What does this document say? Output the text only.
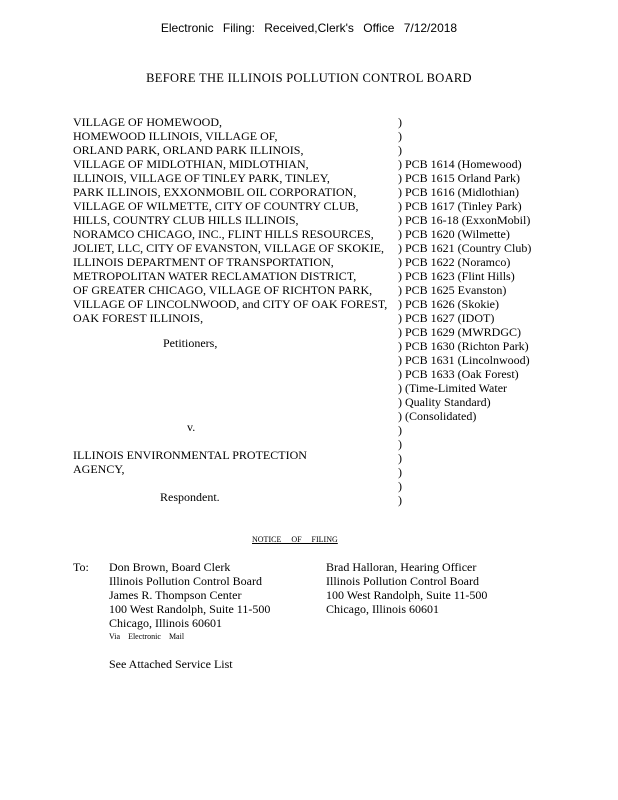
Electronic Filing: Received,Clerk's Office 7/12/2018
BEFORE THE ILLINOIS POLLUTION CONTROL BOARD
VILLAGE OF HOMEWOOD,
HOMEWOOD ILLINOIS, VILLAGE OF,
ORLAND PARK, ORLAND PARK ILLINOIS,
VILLAGE OF MIDLOTHIAN, MIDLOTHIAN,
ILLINOIS, VILLAGE OF TINLEY PARK, TINLEY,
PARK ILLINOIS, EXXONMOBIL OIL CORPORATION,
VILLAGE OF WILMETTE, CITY OF COUNTRY CLUB,
HILLS, COUNTRY CLUB HILLS ILLINOIS,
NORAMCO CHICAGO, INC., FLINT HILLS RESOURCES,
JOLIET, LLC, CITY OF EVANSTON, VILLAGE OF SKOKIE,
ILLINOIS DEPARTMENT OF TRANSPORTATION,
METROPOLITAN WATER RECLAMATION DISTRICT,
OF GREATER CHICAGO, VILLAGE OF RICHTON PARK,
VILLAGE OF LINCOLNWOOD, and CITY OF OAK FOREST,
OAK FOREST ILLINOIS,
)
)
)
)
)
)
)
)
)
)
)
)
)
)
)
)
)
)
)
)
)
)
)
)
)
)
)
)
PCB 1614 (Homewood)
PCB 1615 Orland Park)
PCB 1616 (Midlothian)
PCB 1617 (Tinley Park)
PCB 16-18 (ExxonMobil)
PCB 1620 (Wilmette)
PCB 1621 (Country Club)
PCB 1622 (Noramco)
PCB 1623 (Flint Hills)
PCB 1625 Evanston)
PCB 1626 (Skokie)
PCB 1627 (IDOT)
PCB 1629 (MWRDGC)
PCB 1630 (Richton Park)
PCB 1631 (Lincolnwood)
PCB 1633 (Oak Forest)
(Time-Limited Water
Quality Standard)
(Consolidated)
Petitioners,
v.
ILLINOIS ENVIRONMENTAL PROTECTION
AGENCY,
Respondent.
NOTICE OF FILING
To: Don Brown, Board Clerk
Illinois Pollution Control Board
James R. Thompson Center
100 West Randolph, Suite 11-500
Chicago, Illinois 60601
Via Electronic Mail
Brad Halloran, Hearing Officer
Illinois Pollution Control Board
100 West Randolph, Suite 11-500
Chicago, Illinois 60601
See Attached Service List
